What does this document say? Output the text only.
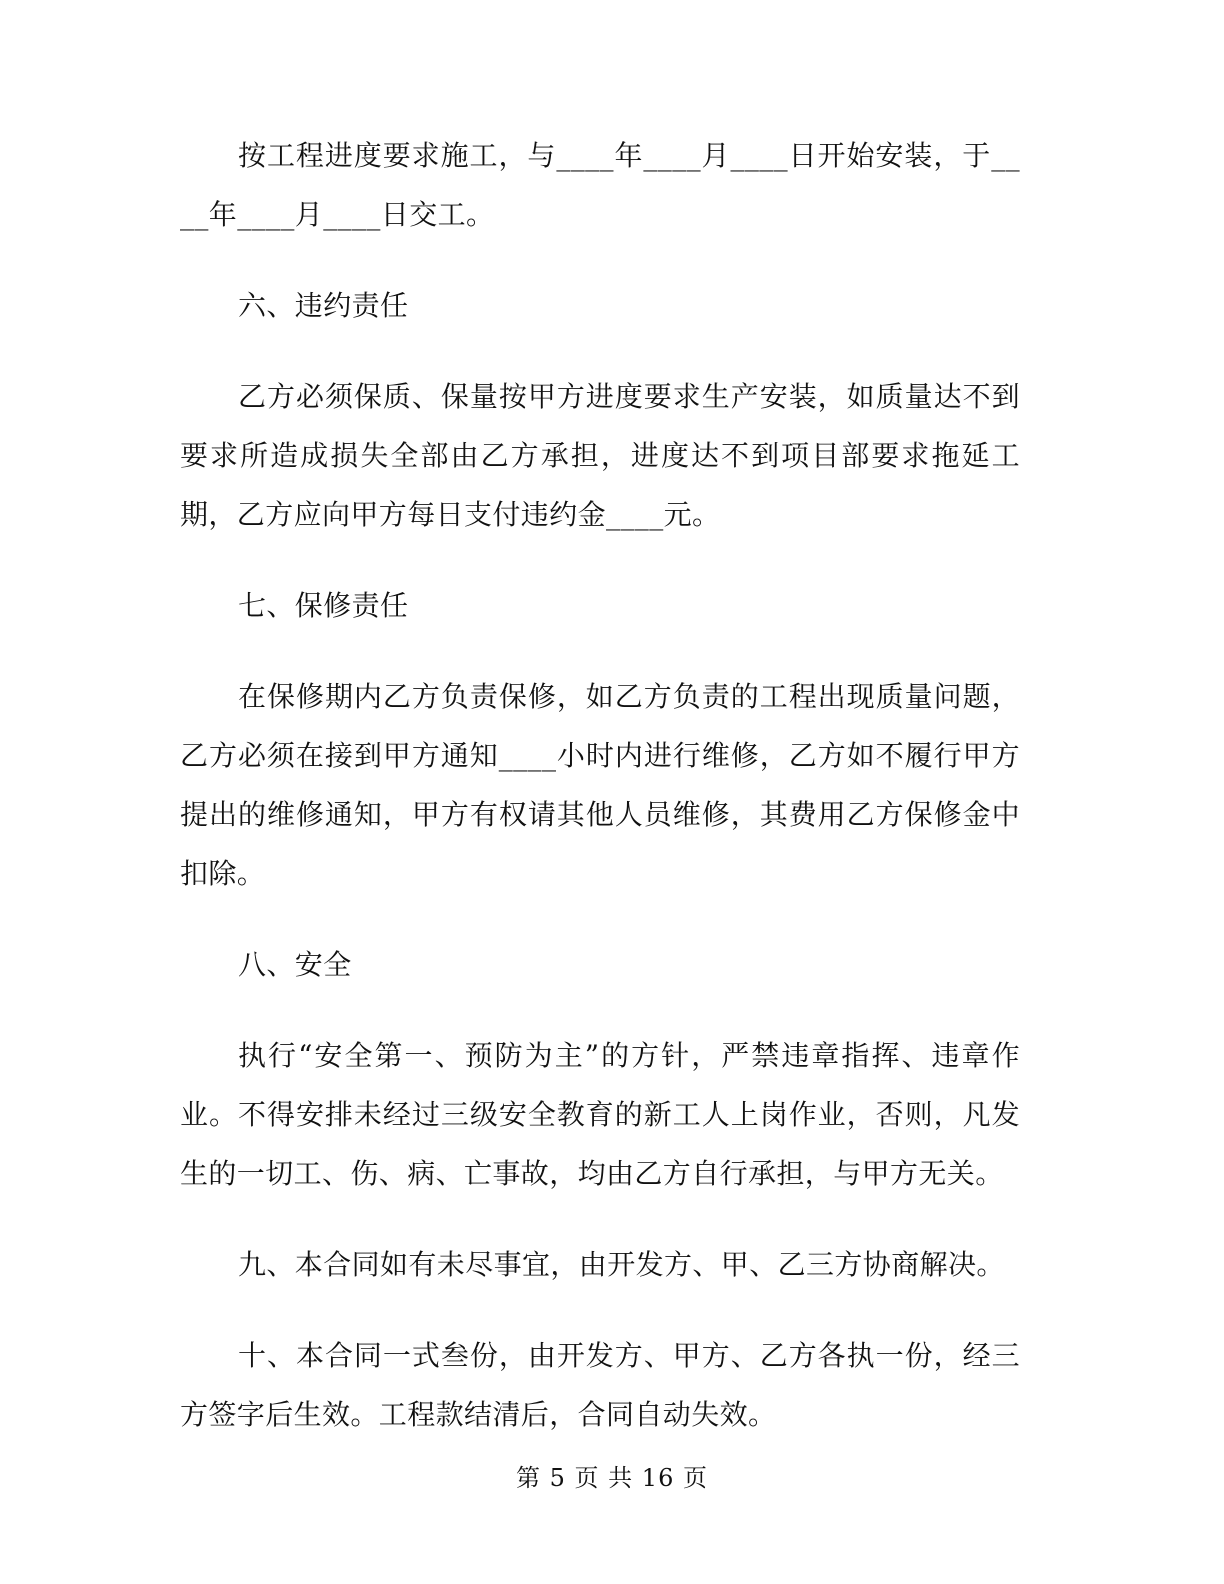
按工程进度要求施工，与____年____月____日开始安装，于____年____月____日交工。

六、违约责任

乙方必须保质、保量按甲方进度要求生产安装，如质量达不到要求所造成损失全部由乙方承担，进度达不到项目部要求拖延工期，乙方应向甲方每日支付违约金____元。

七、保修责任

在保修期内乙方负责保修，如乙方负责的工程出现质量问题，乙方必须在接到甲方通知____小时内进行维修，乙方如不履行甲方提出的维修通知，甲方有权请其他人员维修，其费用乙方保修金中扣除。

八、安全

执行“安全第一、预防为主”的方针，严禁违章指挥、违章作业。不得安排未经过三级安全教育的新工人上岗作业，否则，凡发生的一切工、伤、病、亡事故，均由乙方自行承担，与甲方无关。

九、本合同如有未尽事宜，由开发方、甲、乙三方协商解决。

十、本合同一式叁份，由开发方、甲方、乙方各执一份，经三方签字后生效。工程款结清后，合同自动失效。

第 5 页 共 16 页
